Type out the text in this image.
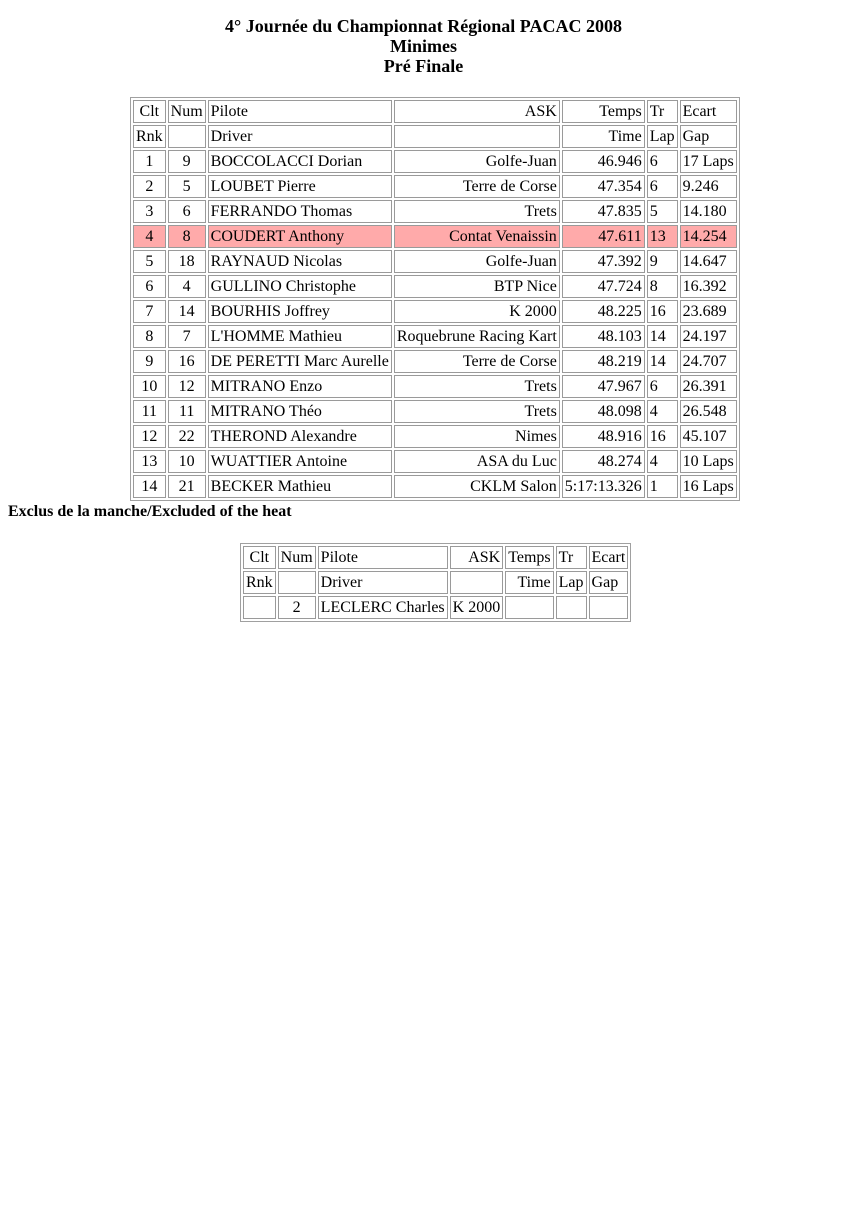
4° Journée du Championnat Régional PACAC 2008
Minimes
Pré Finale
Clt	Num	Pilote	ASK	Temps	Tr	Ecart
Rnk		Driver		Time	Lap	Gap
1	9	BOCCOLACCI Dorian	Golfe-Juan	46.946	6	17 Laps
2	5	LOUBET Pierre	Terre de Corse	47.354	6	9.246
3	6	FERRANDO Thomas	Trets	47.835	5	14.180
4	8	COUDERT Anthony	Contat Venaissin	47.611	13	14.254
5	18	RAYNAUD Nicolas	Golfe-Juan	47.392	9	14.647
6	4	GULLINO Christophe	BTP Nice	47.724	8	16.392
7	14	BOURHIS Joffrey	K 2000	48.225	16	23.689
8	7	L'HOMME Mathieu	Roquebrune Racing Kart	48.103	14	24.197
9	16	DE PERETTI Marc Aurelle	Terre de Corse	48.219	14	24.707
10	12	MITRANO Enzo	Trets	47.967	6	26.391
11	11	MITRANO Théo	Trets	48.098	4	26.548
12	22	THEROND Alexandre	Nimes	48.916	16	45.107
13	10	WUATTIER Antoine	ASA du Luc	48.274	4	10 Laps
14	21	BECKER Mathieu	CKLM Salon	5:17:13.326	1	16 Laps
Exclus de la manche/Excluded of the heat
Clt	Num	Pilote	ASK	Temps	Tr	Ecart
Rnk		Driver		Time	Lap	Gap
	2	LECLERC Charles	K 2000			
